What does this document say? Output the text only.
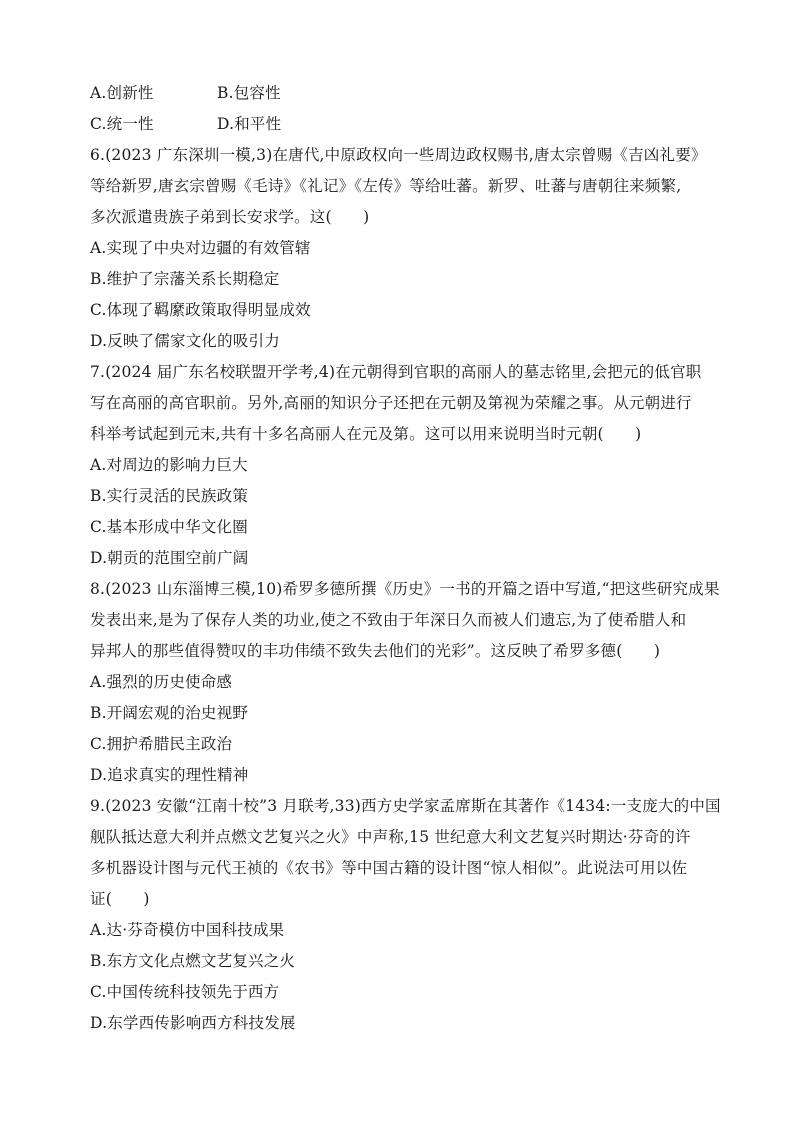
A.创新性	B.包容性
C.统一性	D.和平性
6.(2023 广东深圳一模,3)在唐代,中原政权向一些周边政权赐书,唐太宗曾赐《吉凶礼要》
等给新罗,唐玄宗曾赐《毛诗》《礼记》《左传》等给吐蕃。新罗、吐蕃与唐朝往来频繁,
多次派遣贵族子弟到长安求学。这(　　)
A.实现了中央对边疆的有效管辖
B.维护了宗藩关系长期稳定
C.体现了羁縻政策取得明显成效
D.反映了儒家文化的吸引力
7.(2024 届广东名校联盟开学考,4)在元朝得到官职的高丽人的墓志铭里,会把元的低官职
写在高丽的高官职前。另外,高丽的知识分子还把在元朝及第视为荣耀之事。从元朝进行
科举考试起到元末,共有十多名高丽人在元及第。这可以用来说明当时元朝(　　)
A.对周边的影响力巨大
B.实行灵活的民族政策
C.基本形成中华文化圈
D.朝贡的范围空前广阔
8.(2023 山东淄博三模,10)希罗多德所撰《历史》一书的开篇之语中写道,“把这些研究成果
发表出来,是为了保存人类的功业,使之不致由于年深日久而被人们遗忘,为了使希腊人和
异邦人的那些值得赞叹的丰功伟绩不致失去他们的光彩”。这反映了希罗多德(　　)
A.强烈的历史使命感
B.开阔宏观的治史视野
C.拥护希腊民主政治
D.追求真实的理性精神
9.(2023 安徽“江南十校”3 月联考,33)西方史学家孟席斯在其著作《1434:一支庞大的中国
舰队抵达意大利并点燃文艺复兴之火》中声称,15 世纪意大利文艺复兴时期达·芬奇的许
多机器设计图与元代王祯的《农书》等中国古籍的设计图“惊人相似”。此说法可用以佐
证(　　)
A.达·芬奇模仿中国科技成果
B.东方文化点燃文艺复兴之火
C.中国传统科技领先于西方
D.东学西传影响西方科技发展
